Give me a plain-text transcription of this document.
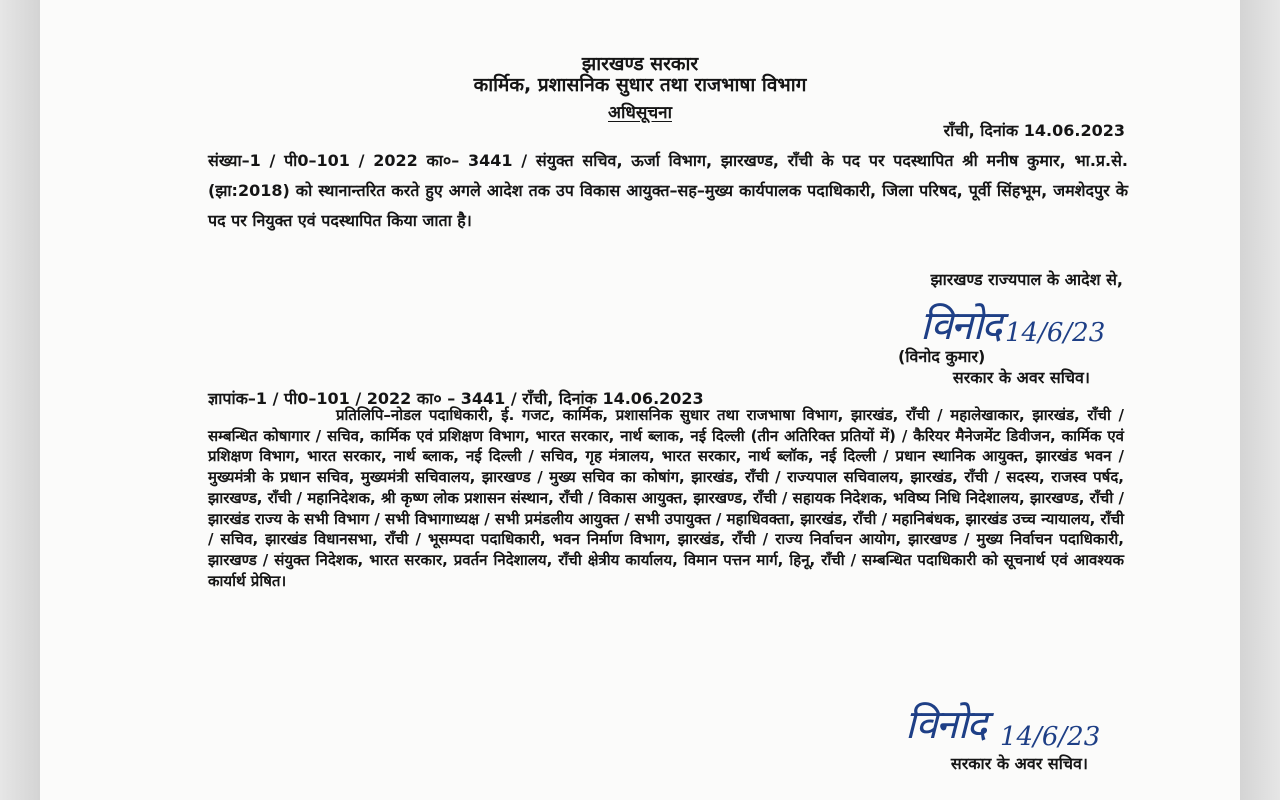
झारखण्ड सरकार
कार्मिक, प्रशासनिक सुधार तथा राजभाषा विभाग
अधिसूचना
राँची, दिनांक 14.06.2023
संख्या–1 / पी0–101 / 2022 का०– 3441 / संयुक्त सचिव, ऊर्जा विभाग, झारखण्ड, राँची के पद पर पदस्थापित श्री मनीष कुमार, भा.प्र.से. (झा:2018) को स्थानान्तरित करते हुए अगले आदेश तक उप विकास आयुक्त–सह–मुख्य कार्यपालक पदाधिकारी, जिला परिषद, पूर्वी सिंहभूम, जमशेदपुर के पद पर नियुक्त एवं पदस्थापित किया जाता है।
झारखण्ड राज्यपाल के आदेश से,
विनोद 14/6/23
(विनोद कुमार)
सरकार के अवर सचिव।
ज्ञापांक–1 / पी0–101 / 2022 का० – 3441 / राँची, दिनांक 14.06.2023
प्रतिलिपि–नोडल पदाधिकारी, ई. गजट, कार्मिक, प्रशासनिक सुधार तथा राजभाषा विभाग, झारखंड, राँची / महालेखाकार, झारखंड, राँची / सम्बन्धित कोषागार / सचिव, कार्मिक एवं प्रशिक्षण विभाग, भारत सरकार, नार्थ ब्लाक, नई दिल्ली (तीन अतिरिक्त प्रतियों में) / कैरियर मैनेजमेंट डिवीजन, कार्मिक एवं प्रशिक्षण विभाग, भारत सरकार, नार्थ ब्लाक, नई दिल्ली / सचिव, गृह मंत्रालय, भारत सरकार, नार्थ ब्लॉक, नई दिल्ली / प्रधान स्थानिक आयुक्त, झारखंड भवन / मुख्यमंत्री के प्रधान सचिव, मुख्यमंत्री सचिवालय, झारखण्ड / मुख्य सचिव का कोषांग, झारखंड, राँची / राज्यपाल सचिवालय, झारखंड, राँची / सदस्य, राजस्व पर्षद, झारखण्ड, राँची / महानिदेशक, श्री कृष्ण लोक प्रशासन संस्थान, राँची / विकास आयुक्त, झारखण्ड, राँची / सहायक निदेशक, भविष्य निधि निदेशालय, झारखण्ड, राँची / झारखंड राज्य के सभी विभाग / सभी विभागाध्यक्ष / सभी प्रमंडलीय आयुक्त / सभी उपायुक्त / महाधिवक्ता, झारखंड, राँची / महानिबंधक, झारखंड उच्च न्यायालय, राँची / सचिव, झारखंड विधानसभा, राँची / भूसम्पदा पदाधिकारी, भवन निर्माण विभाग, झारखंड, राँची / राज्य निर्वाचन आयोग, झारखण्ड / मुख्य निर्वाचन पदाधिकारी, झारखण्ड / संयुक्त निदेशक, भारत सरकार, प्रवर्तन निदेशालय, राँची क्षेत्रीय कार्यालय, विमान पत्तन मार्ग, हिनू, राँची / सम्बन्धित पदाधिकारी को सूचनार्थ एवं आवश्यक कार्यार्थ प्रेषित।
विनोद 14/6/23
सरकार के अवर सचिव।
